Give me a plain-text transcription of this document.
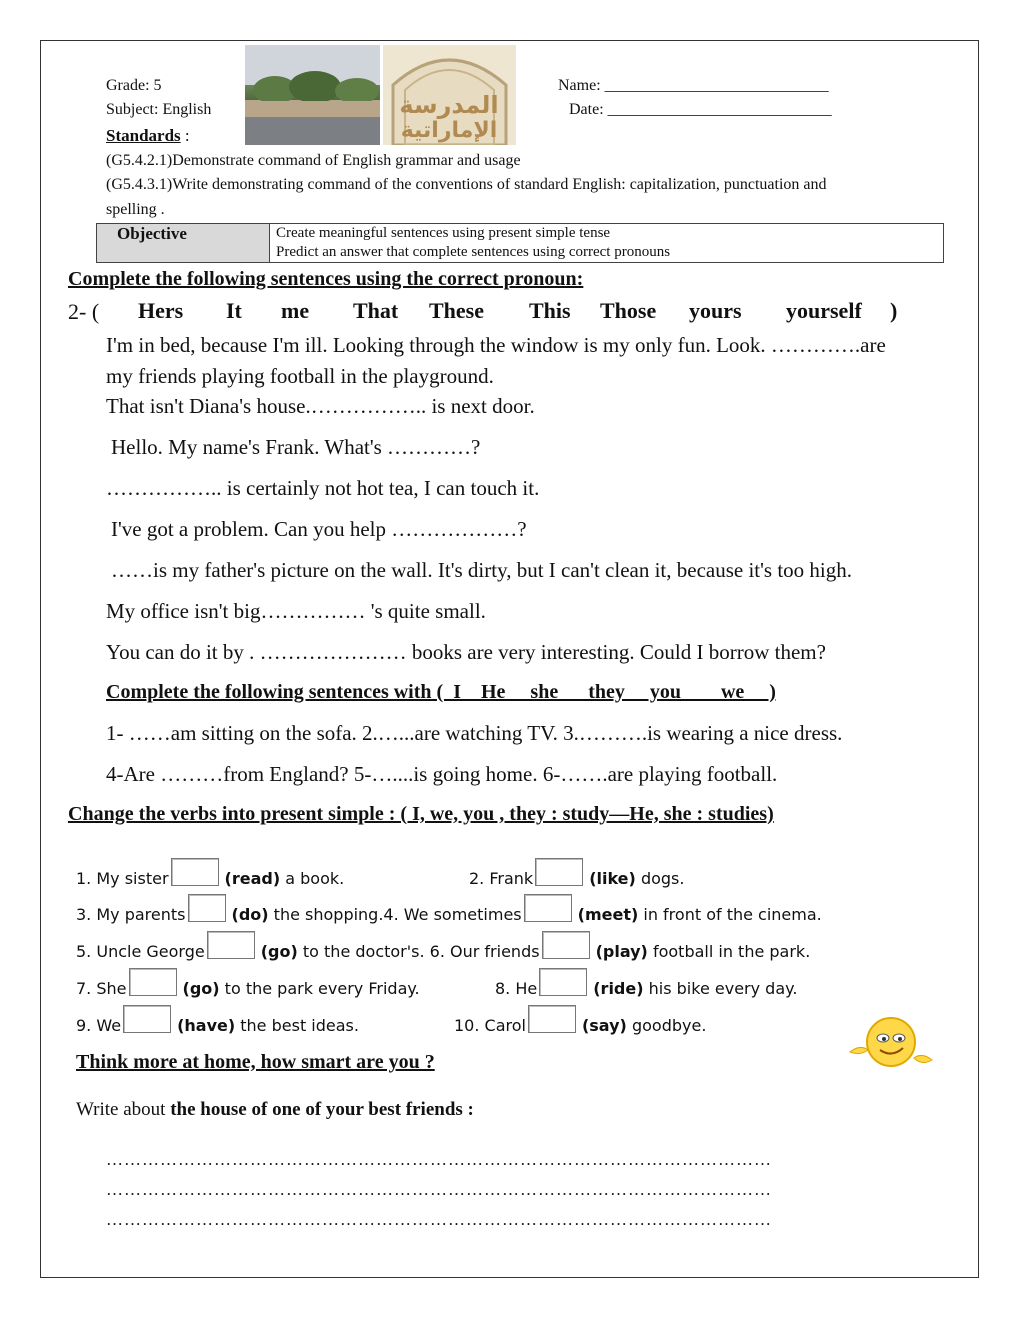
Grade: 5
Subject: English
Standards :
Name: ____________________________
Date: ____________________________
المدرسة
الإماراتية
(G5.4.2.1)Demonstrate command of English grammar and usage
(G5.4.3.1)Write demonstrating command of the conventions of standard English: capitalization, punctuation and
spelling .
Objective	Create meaningful sentences using present simple tense
Predict an answer that complete sentences using correct pronouns
Complete the following sentences using the correct pronoun:
2- ( Hers It me That These This Those yours yourself )
I'm in bed, because I'm ill. Looking through the window is my only fun. Look. ………….are
my friends playing football in the playground.
That isn't Diana's house.…………….. is next door.
Hello. My name's Frank. What's …………?
…………….. is certainly not hot tea, I can touch it.
I've got a problem. Can you help ………………?
……is my father's picture on the wall. It's dirty, but I can't clean it, because it's too high.
My office isn't big…………… 's quite small.
You can do it by . ………………… books are very interesting. Could I borrow them?
Complete the following sentences with (  I    He     she      they     you        we     )
1- ……am sitting on the sofa. 2.…...are watching TV. 3.……….is wearing a nice dress.
4-Are ………from England? 5-…....is going home. 6-…….are playing football.
Change the verbs into present simple : ( I, we, you , they : study—He, she : studies)
1. My sister	(read) a book.	2. Frank	(like) dogs.
3. My parents	(do) the shopping.4. We sometimes	(meet) in front of the cinema.
5. Uncle George	(go) to the doctor's. 6. Our friends	(play) football in the park.
7. She	(go) to the park every Friday.	8. He	(ride) his bike every day.
9. We	(have) the best ideas.	10. Carol	(say) goodbye.
Think more at home, how smart are you ?
Write about the house of one of your best friends :
…………………………………………………………………………………………………
…………………………………………………………………………………………………
…………………………………………………………………………………………………
